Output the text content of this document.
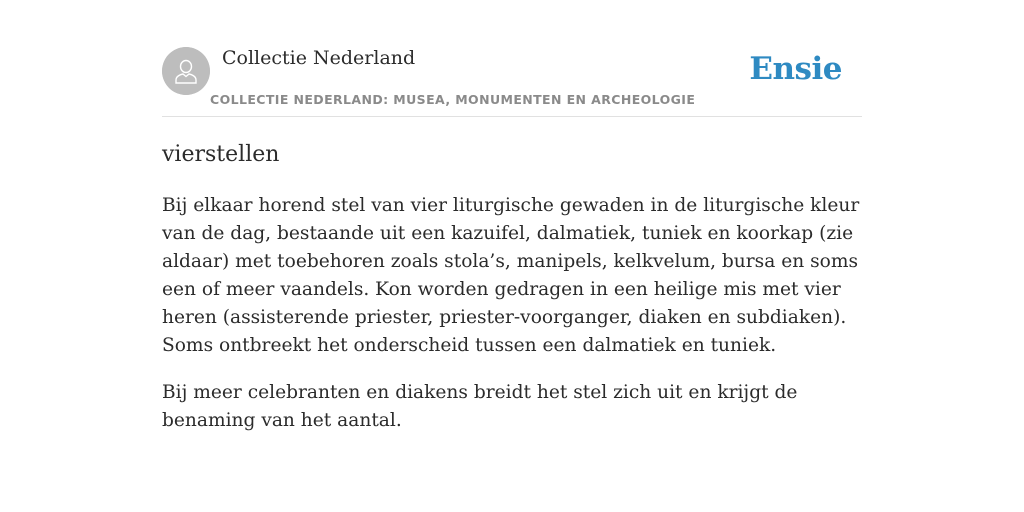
Collectie Nederland
COLLECTIE NEDERLAND: MUSEA, MONUMENTEN EN ARCHEOLOGIE
Ensie
vierstellen

Bij elkaar horend stel van vier liturgische gewaden in de liturgische kleur van de dag, bestaande uit een kazuifel, dalmatiek, tuniek en koorkap (zie aldaar) met toebehoren zoals stola’s, manipels, kelkvelum, bursa en soms een of meer vaandels. Kon worden gedragen in een heilige mis met vier heren (assisterende priester, priester-voorganger, diaken en subdiaken). Soms ontbreekt het onderscheid tussen een dalmatiek en tuniek.

Bij meer celebranten en diakens breidt het stel zich uit en krijgt de benaming van het aantal.
